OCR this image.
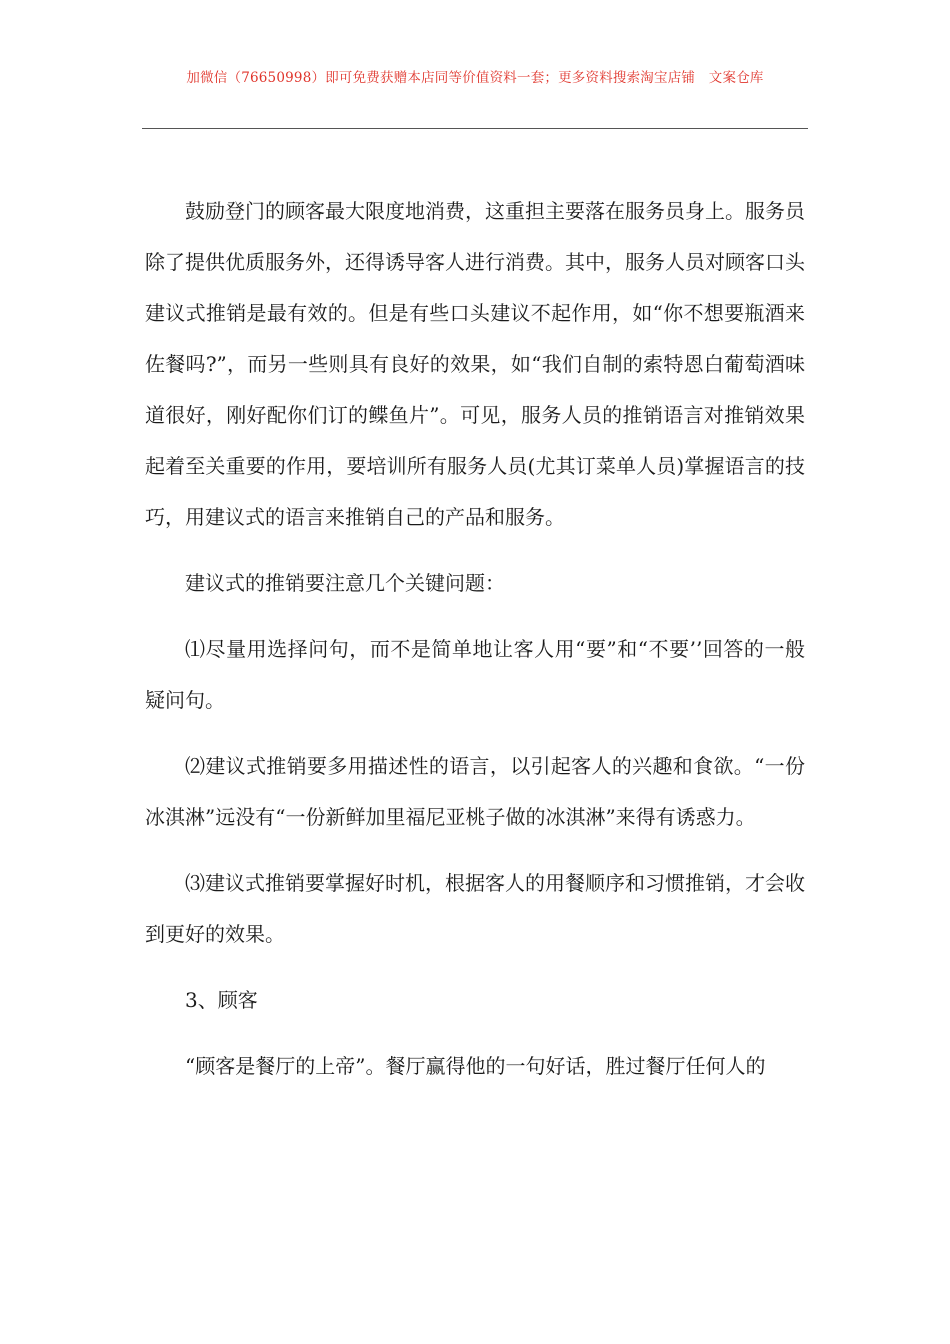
加微信（76650998）即可免费获赠本店同等价值资料一套；更多资料搜索淘宝店铺　文案仓库

鼓励登门的顾客最大限度地消费，这重担主要落在服务员身上。服务员除了提供优质服务外，还得诱导客人进行消费。其中，服务人员对顾客口头建议式推销是最有效的。但是有些口头建议不起作用，如“你不想要瓶酒来佐餐吗?”，而另一些则具有良好的效果，如“我们自制的索特恩白葡萄酒味道很好，刚好配你们订的鲽鱼片”。可见，服务人员的推销语言对推销效果起着至关重要的作用，要培训所有服务人员(尤其订菜单人员)掌握语言的技巧，用建议式的语言来推销自己的产品和服务。

建议式的推销要注意几个关键问题：

⑴尽量用选择问句，而不是简单地让客人用“要”和“不要’’回答的一般疑问句。

⑵建议式推销要多用描述性的语言，以引起客人的兴趣和食欲。“一份冰淇淋”远没有“一份新鲜加里福尼亚桃子做的冰淇淋”来得有诱惑力。

⑶建议式推销要掌握好时机，根据客人的用餐顺序和习惯推销，才会收到更好的效果。

3、顾客

“顾客是餐厅的上帝”。餐厅赢得他的一句好话，胜过餐厅任何人的
